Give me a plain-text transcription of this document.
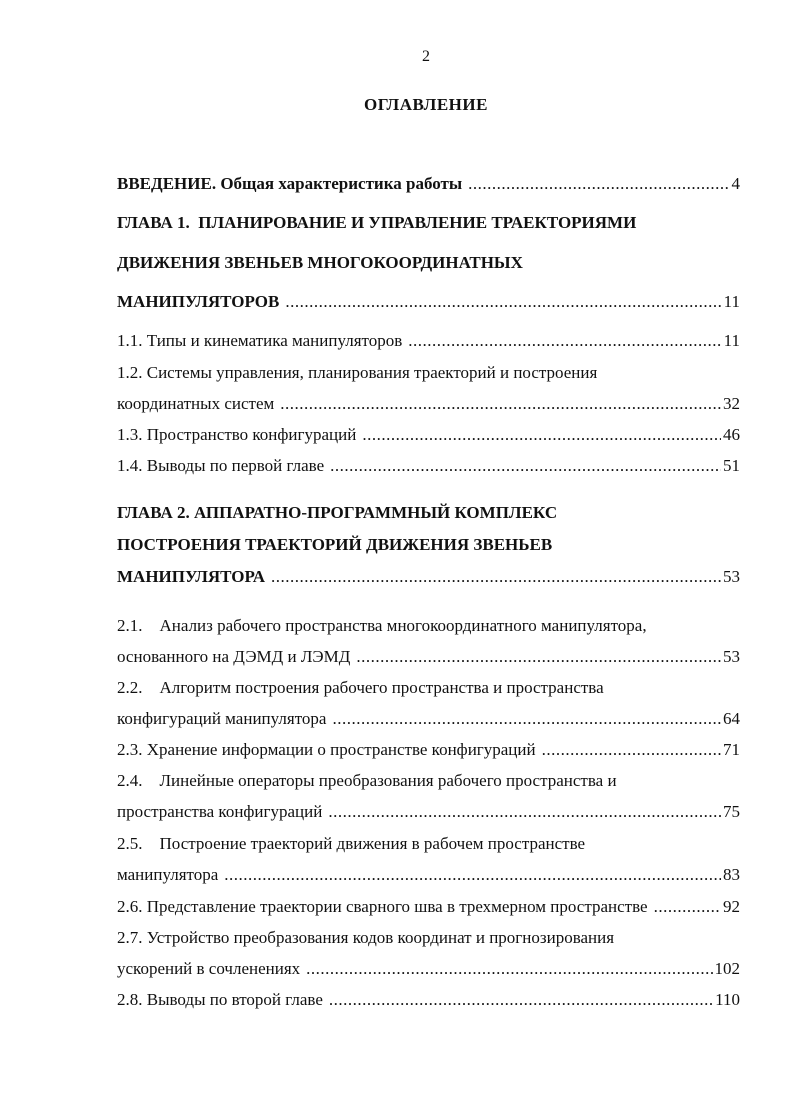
2
ОГЛАВЛЕНИЕ
ВВЕДЕНИЕ. Общая характеристика работы .....	4
ГЛАВА 1.  ПЛАНИРОВАНИЕ И УПРАВЛЕНИЕ ТРАЕКТОРИЯМИ
ДВИЖЕНИЯ ЗВЕНЬЕВ МНОГОКООРДИНАТНЫХ
МАНИПУЛЯТОРОВ .....	11
1.1. Типы и кинематика манипуляторов .....	11
1.2. Системы управления, планирования траекторий и построения
координатных систем .....	32
1.3. Пространство конфигураций .....	46
1.4. Выводы по первой главе .....	51
ГЛАВА 2. АППАРАТНО-ПРОГРАММНЫЙ КОМПЛЕКС
ПОСТРОЕНИЯ ТРАЕКТОРИЙ ДВИЖЕНИЯ ЗВЕНЬЕВ
МАНИПУЛЯТОРА .....	53
2.1.    Анализ рабочего пространства многокоординатного манипулятора,
основанного на ДЭМД и ЛЭМД .....	53
2.2.    Алгоритм построения рабочего пространства и пространства
конфигураций манипулятора .....	64
2.3. Хранение информации о пространстве конфигураций .....	71
2.4.    Линейные операторы преобразования рабочего пространства и
пространства конфигураций .....	75
2.5.    Построение траекторий движения в рабочем пространстве
манипулятора .....	83
2.6. Представление траектории сварного шва в трехмерном пространстве .....	92
2.7. Устройство преобразования кодов координат и прогнозирования
ускорений в сочленениях .....	102
2.8. Выводы по второй главе .....	110
